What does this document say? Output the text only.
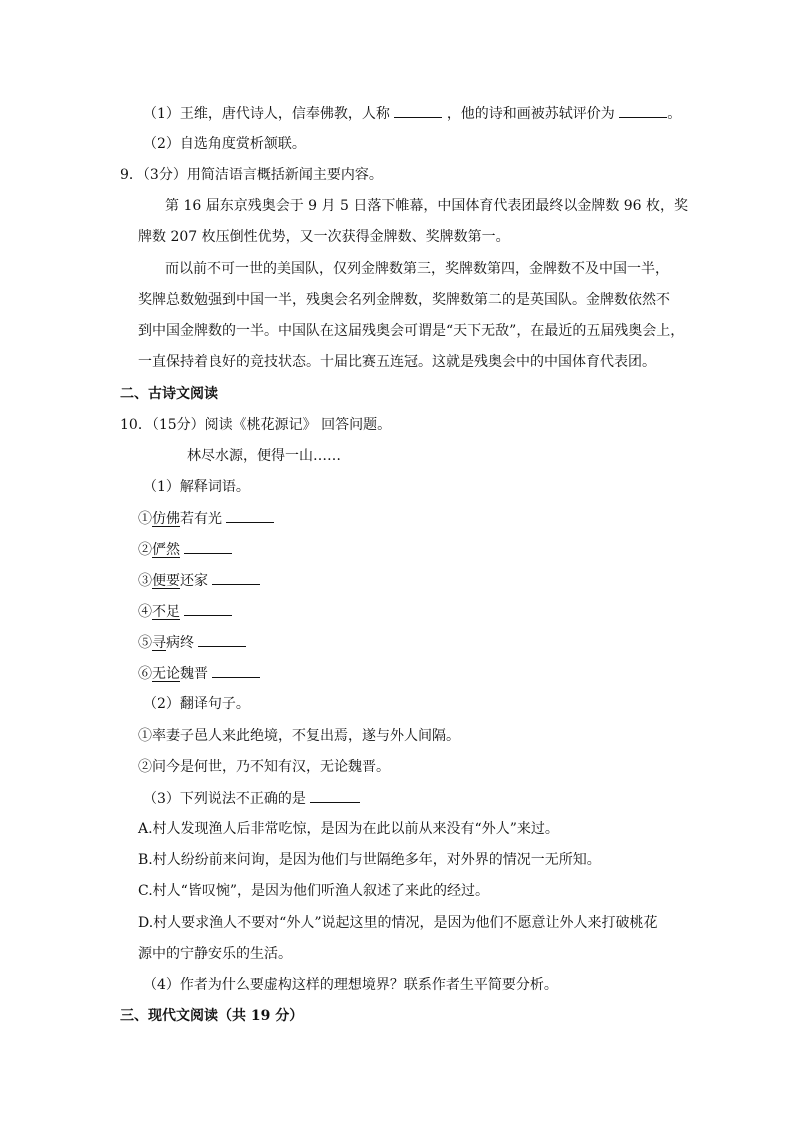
（1）王维，唐代诗人，信奉佛教，人称	，他的诗和画被苏轼评价为	。
（2）自选角度赏析颔联。
9．（3分）用简洁语言概括新闻主要内容。
第 16 届东京残奥会于 9 月 5 日落下帷幕，中国体育代表团最终以金牌数 96 枚，奖
牌数 207 枚压倒性优势，又一次获得金牌数、奖牌数第一。
而以前不可一世的美国队，仅列金牌数第三，奖牌数第四，金牌数不及中国一半，
奖牌总数勉强到中国一半，残奥会名列金牌数，奖牌数第二的是英国队。金牌数依然不
到中国金牌数的一半。中国队在这届残奥会可谓是“天下无敌”，在最近的五届残奥会上，
一直保持着良好的竞技状态。十届比赛五连冠。这就是残奥会中的中国体育代表团。
二、古诗文阅读
10．（15分）阅读《桃花源记》 回答问题。
林尽水源，便得一山……
（1）解释词语。
①仿佛若有光
②俨然
③便要还家
④不足
⑤寻病终
⑥无论魏晋
（2）翻译句子。
①率妻子邑人来此绝境，不复出焉，遂与外人间隔。
②问今是何世，乃不知有汉，无论魏晋。
（3）下列说法不正确的是
A.村人发现渔人后非常吃惊，是因为在此以前从来没有“外人”来过。
B.村人纷纷前来问询，是因为他们与世隔绝多年，对外界的情况一无所知。
C.村人“皆叹惋”，是因为他们听渔人叙述了来此的经过。
D.村人要求渔人不要对“外人”说起这里的情况，是因为他们不愿意让外人来打破桃花
源中的宁静安乐的生活。
（4）作者为什么要虚构这样的理想境界？联系作者生平简要分析。
三、现代文阅读（共 19 分）
